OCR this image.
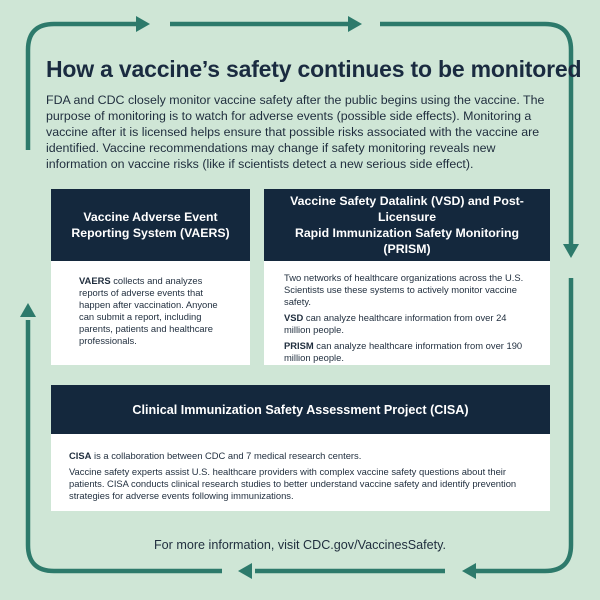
How a vaccine’s safety continues to be monitored
FDA and CDC closely monitor vaccine safety after the public begins using the vaccine. The purpose of monitoring is to watch for adverse events (possible side effects). Monitoring a vaccine after it is licensed helps ensure that possible risks associated with the vaccine are identified. Vaccine recommendations may change if safety monitoring reveals new information on vaccine risks (like if scientists detect a new serious side effect).
Vaccine Adverse Event
Reporting System (VAERS)

VAERS collects and analyzes reports of adverse events that happen after vaccination. Anyone can submit a report, including parents, patients and healthcare professionals.

Vaccine Safety Datalink (VSD) and Post-Licensure
Rapid Immunization Safety Monitoring (PRISM)

Two networks of healthcare organizations across the U.S. Scientists use these systems to actively monitor vaccine safety.

VSD can analyze healthcare information from over 24 million people.

PRISM can analyze healthcare information from over 190 million people.

Clinical Immunization Safety Assessment Project (CISA)

CISA is a collaboration between CDC and 7 medical research centers.

Vaccine safety experts assist U.S. healthcare providers with complex vaccine safety questions about their patients. CISA conducts clinical research studies to better understand vaccine safety and identify prevention strategies for adverse events following immunizations.

For more information, visit CDC.gov/VaccinesSafety.
